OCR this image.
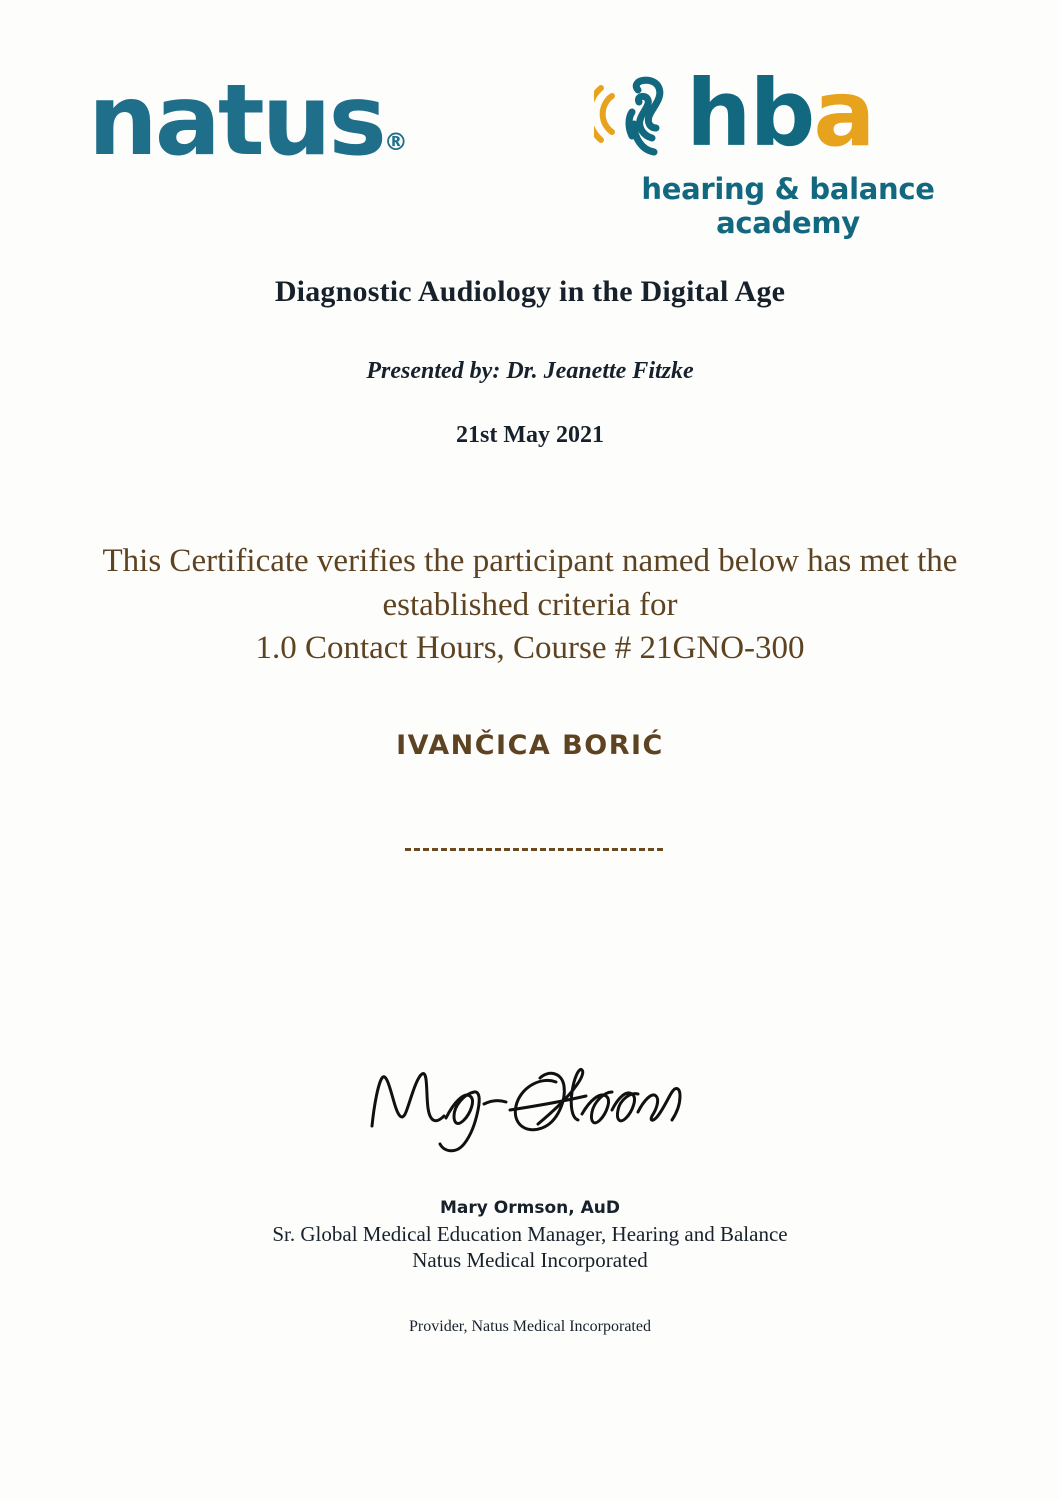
natus®	hba
hearing & balance academy
Diagnostic Audiology in the Digital Age
Presented by: Dr. Jeanette Fitzke
21st May 2021
This Certificate verifies the participant named below has met the
established criteria for
1.0 Contact Hours, Course # 21GNO-300
IVANČICA BORIĆ
Mary Ormson, AuD
Sr. Global Medical Education Manager, Hearing and Balance
Natus Medical Incorporated
Provider, Natus Medical Incorporated
